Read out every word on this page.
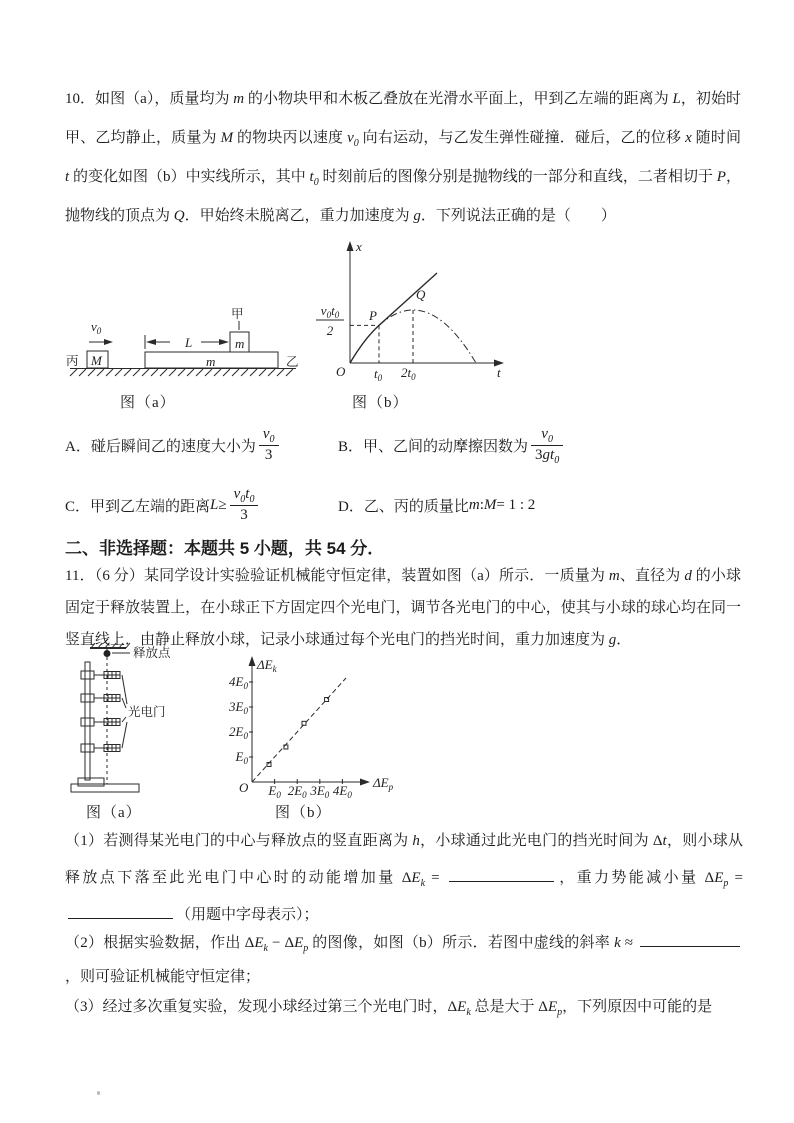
10．如图（a），质量均为 m 的小物块甲和木板乙叠放在光滑水平面上，甲到乙左端的距离为 L，初始时甲、乙均静止，质量为 M 的物块丙以速度 $v_0$ 向右运动，与乙发生弹性碰撞．碰后，乙的位移 x 随时间 t 的变化如图（b）中实线所示，其中 $t_0$ 时刻前后的图像分别是抛物线的一部分和直线，二者相切于 P，抛物线的顶点为 Q．甲始终未脱离乙，重力加速度为 g．下列说法正确的是（　　）
丙 M
$v_0$
m	乙
m
甲
L
x
t
O
P
Q
$t_0$ $2t_0$
$v_0t_0$
2
图（a）	图（b）
A．碰后瞬间乙的速度大小为 $\frac{v_0}{3}$	B．甲、乙间的动摩擦因数为 $\frac{v_0}{3gt_0}$
C．甲到乙左端的距离 $L \ge \frac{v_0t_0}{3}$	D．乙、丙的质量比 m : M = 1 : 2
二、非选择题：本题共 5 小题，共 54 分．
11．（6 分）某同学设计实验验证机械能守恒定律，装置如图（a）所示．一质量为 m、直径为 d 的小球固定于释放装置上，在小球正下方固定四个光电门，调节各光电门的中心，使其与小球的球心均在同一竖直线上．由静止释放小球，记录小球通过每个光电门的挡光时间，重力加速度为 g．
释放点
光电门
$\Delta E_k$
$\Delta E_p$
O
$E_0$
$2E_0$
$3E_0$
$4E_0$
$E_0$ $2E_0$ $3E_0$ $4E_0$
图（a）	图（b）
（1）若测得某光电门的中心与释放点的竖直距离为 h，小球通过此光电门的挡光时间为 Δt，则小球从释放点下落至此光电门中心时的动能增加量 $\Delta E_k$ =	，重力势能减小量 $\Delta E_p$ = （用题中字母表示）；
（2）根据实验数据，作出 $\Delta E_k - \Delta E_p$ 的图像，如图（b）所示．若图中虚线的斜率 k ≈ ，则可验证机械能守恒定律；
（3）经过多次重复实验，发现小球经过第三个光电门时，$\Delta E_k$ 总是大于 $\Delta E_p$，下列原因中可能的是
